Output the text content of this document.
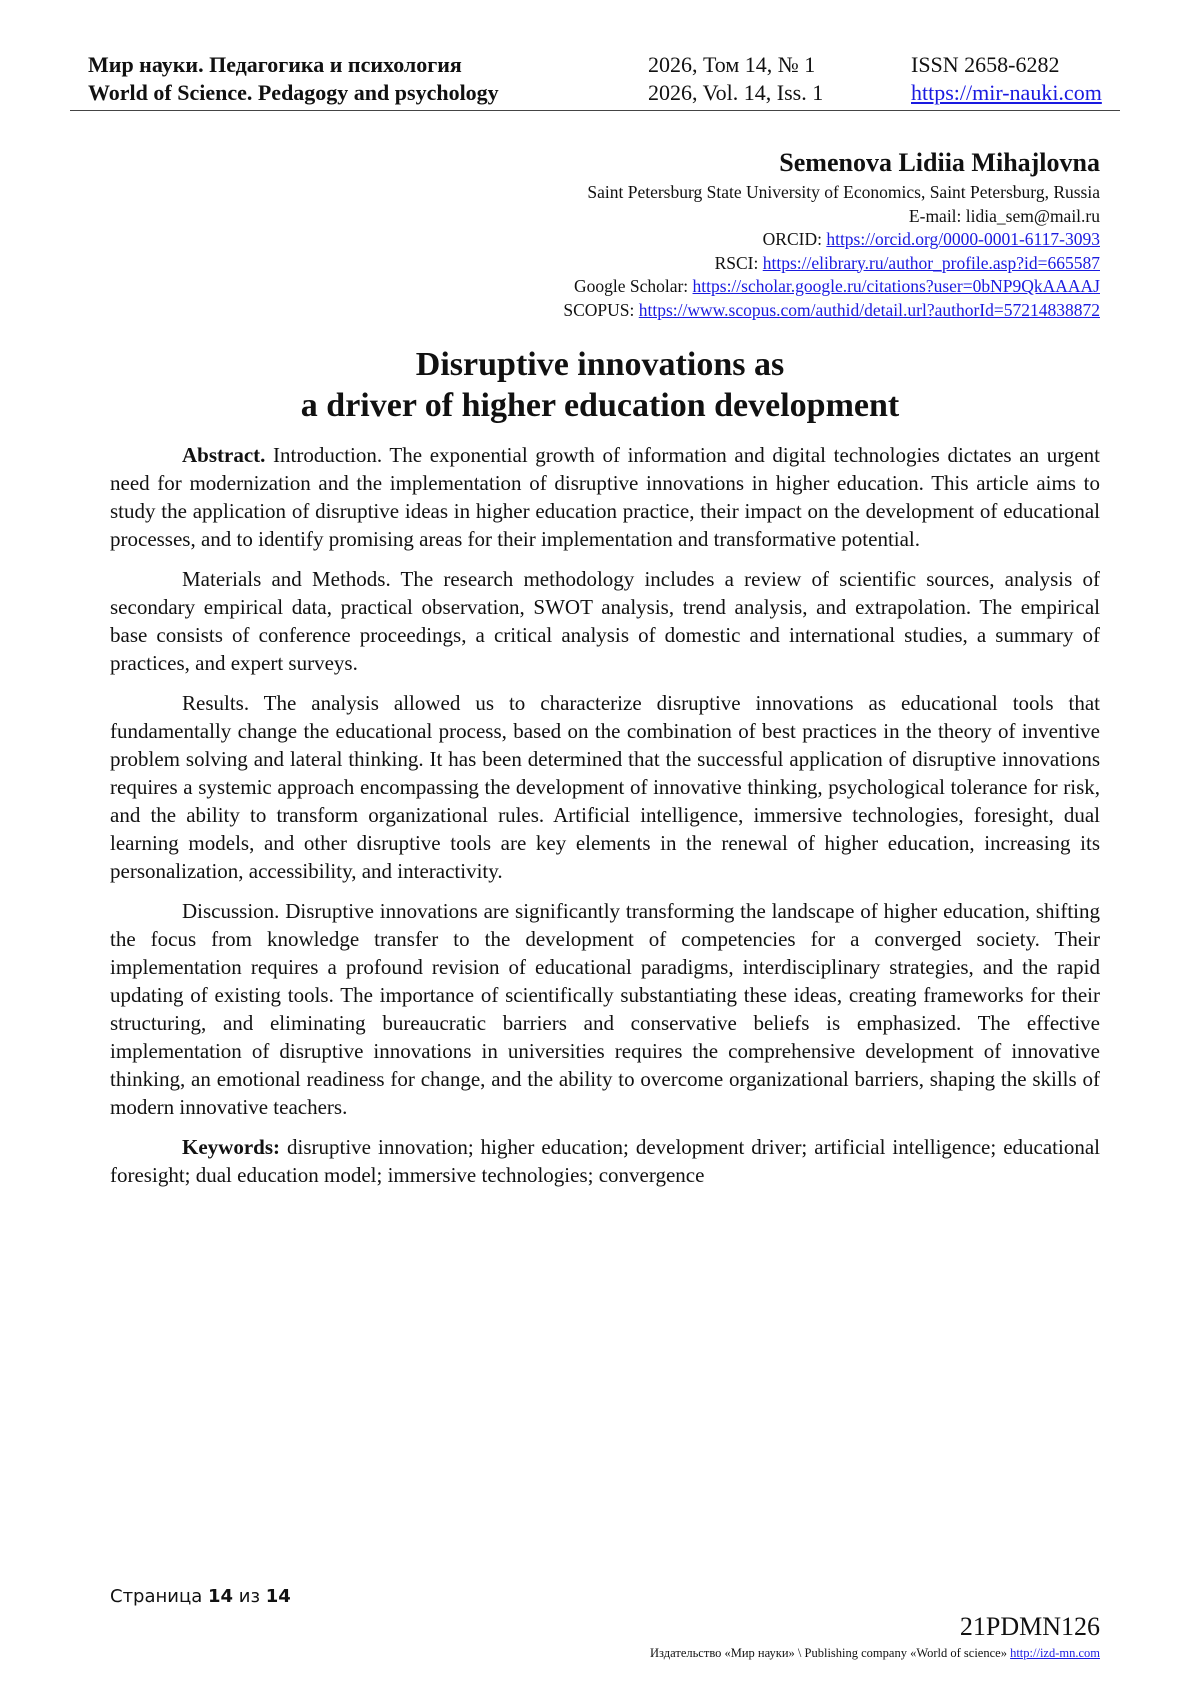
Мир науки. Педагогика и психология	2026, Том 14, № 1	ISSN 2658-6282
World of Science. Pedagogy and psychology	2026, Vol. 14, Iss. 1	https://mir-nauki.com
Semenova Lidiia Mihajlovna
Saint Petersburg State University of Economics, Saint Petersburg, Russia
E-mail: lidia_sem@mail.ru
ORCID: https://orcid.org/0000-0001-6117-3093
RSCI: https://elibrary.ru/author_profile.asp?id=665587
Google Scholar: https://scholar.google.ru/citations?user=0bNP9QkAAAAJ
SCOPUS: https://www.scopus.com/authid/detail.url?authorId=57214838872
Disruptive innovations as
a driver of higher education development

Abstract. Introduction. The exponential growth of information and digital technologies dictates an urgent need for modernization and the implementation of disruptive innovations in higher education. This article aims to study the application of disruptive ideas in higher education practice, their impact on the development of educational processes, and to identify promising areas for their implementation and transformative potential.

Materials and Methods. The research methodology includes a review of scientific sources, analysis of secondary empirical data, practical observation, SWOT analysis, trend analysis, and extrapolation. The empirical base consists of conference proceedings, a critical analysis of domestic and international studies, a summary of practices, and expert surveys.

Results. The analysis allowed us to characterize disruptive innovations as educational tools that fundamentally change the educational process, based on the combination of best practices in the theory of inventive problem solving and lateral thinking. It has been determined that the successful application of disruptive innovations requires a systemic approach encompassing the development of innovative thinking, psychological tolerance for risk, and the ability to transform organizational rules. Artificial intelligence, immersive technologies, foresight, dual learning models, and other disruptive tools are key elements in the renewal of higher education, increasing its personalization, accessibility, and interactivity.

Discussion. Disruptive innovations are significantly transforming the landscape of higher education, shifting the focus from knowledge transfer to the development of competencies for a converged society. Their implementation requires a profound revision of educational paradigms, interdisciplinary strategies, and the rapid updating of existing tools. The importance of scientifically substantiating these ideas, creating frameworks for their structuring, and eliminating bureaucratic barriers and conservative beliefs is emphasized. The effective implementation of disruptive innovations in universities requires the comprehensive development of innovative thinking, an emotional readiness for change, and the ability to overcome organizational barriers, shaping the skills of modern innovative teachers.

Keywords: disruptive innovation; higher education; development driver; artificial intelligence; educational foresight; dual education model; immersive technologies; convergence

Страница 14 из 14
21PDMN126
Издательство «Мир науки» \ Publishing company «World of science» http://izd-mn.com
